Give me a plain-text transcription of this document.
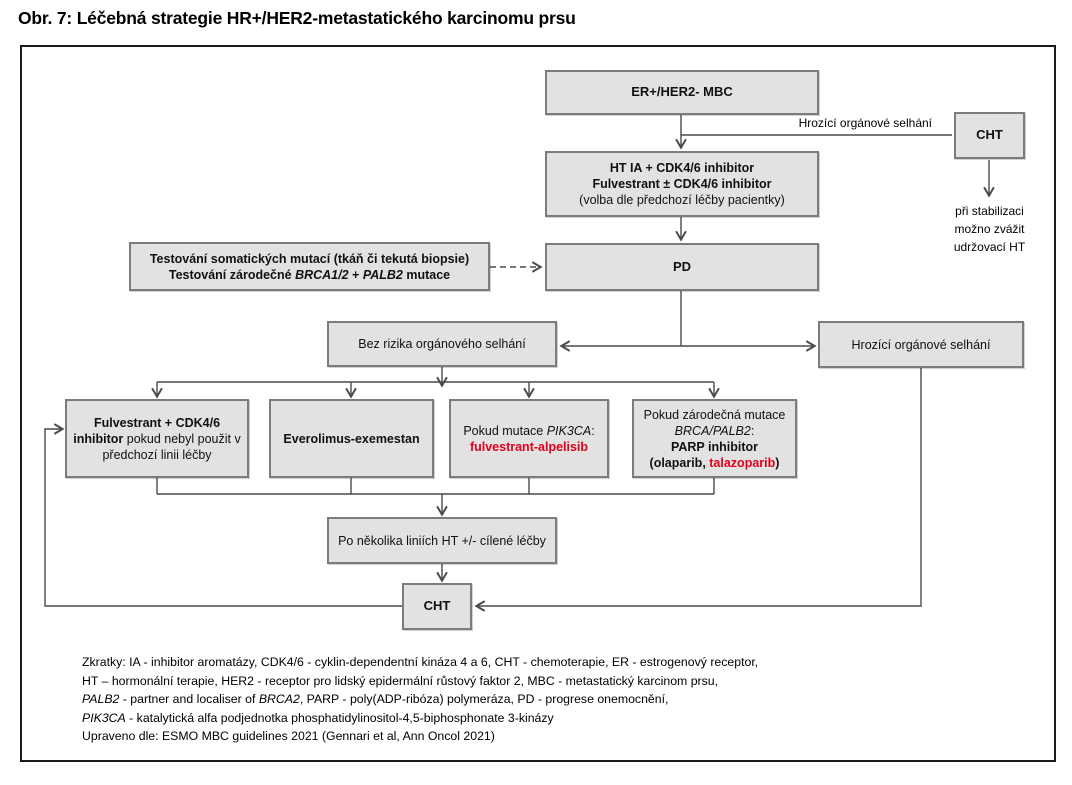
Obr. 7: Léčebná strategie HR+/HER2-metastatického karcinomu prsu
ER+/HER2- MBC
CHT
HT IA + CDK4/6 inhibitor
Fulvestrant ± CDK4/6 inhibitor
(volba dle předchozí léčby pacientky)
Testování somatických mutací (tkáň či tekutá biopsie)
Testování zárodečné BRCA1/2 + PALB2 mutace
PD
Bez rizika orgánového selhání	Hrozící orgánové selhání
Fulvestrant + CDK4/6 inhibitor pokud nebyl použit v předchozí linii léčby
Everolimus-exemestan
Pokud mutace PIK3CA:
fulvestrant-alpelisib
Pokud zárodečná mutace
BRCA/PALB2:
PARP inhibitor
(olaparib, talazoparib)
Po několika liniích HT +/- cílené léčby
CHT
Hrozící orgánové selhání
při stabilizaci
možno zvážit
udržovací HT
Zkratky: IA - inhibitor aromatázy, CDK4/6 - cyklin-dependentní kináza 4 a 6, CHT - chemoterapie, ER - estrogenový receptor,
HT – hormonální terapie, HER2 - receptor pro lidský epidermální růstový faktor 2, MBC - metastatický karcinom prsu,
PALB2 - partner and localiser of BRCA2, PARP - poly(ADP-ribóza) polymeráza, PD - progrese onemocnění,
PIK3CA - katalytická alfa podjednotka phosphatidylinositol-4,5-biphosphonate 3-kinázy
Upraveno dle: ESMO MBC guidelines 2021 (Gennari et al, Ann Oncol 2021)
